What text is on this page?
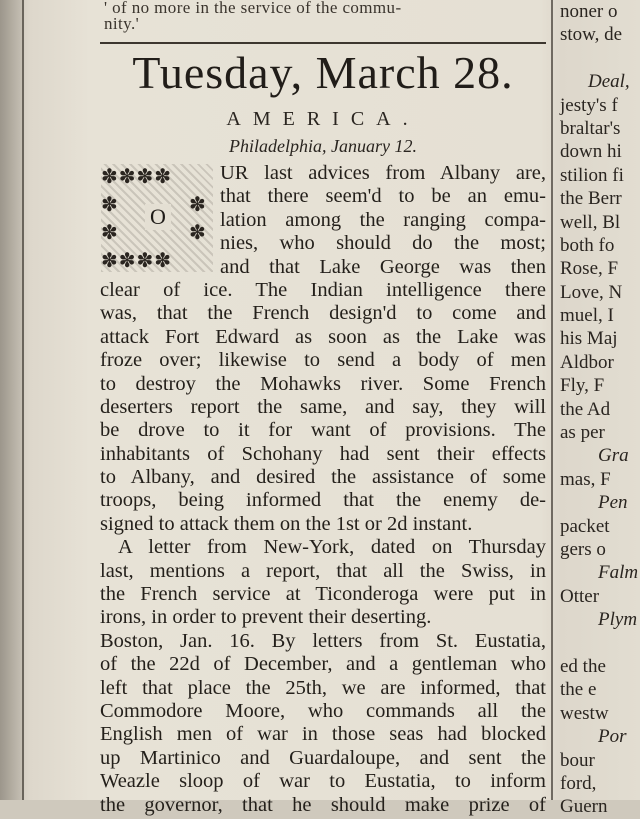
' of no more in the service of the commu-
nity.'
Tuesday, March 28.
AMERICA.
Philadelphia, January 12.
✽✽✽✽
✽✽✽✽
✽
✽
✽
✽
O
UR last advices from Albany are,
that there seem'd to be an emu-
lation among the ranging compa-
nies, who should do the most;
and that Lake George was then
clear of ice. The Indian intelligence there
was, that the French design'd to come and
attack Fort Edward as soon as the Lake was
froze over; likewise to send a body of men
to destroy the Mohawks river. Some French
deserters report the same, and say, they will
be drove to it for want of provisions. The
inhabitants of Schohany had sent their effects
to Albany, and desired the assistance of some
troops, being informed that the enemy de-
signed to attack them on the 1st or 2d instant.
A letter from New-York, dated on Thursday
last, mentions a report, that all the Swiss, in
the French service at Ticonderoga were put in
irons, in order to prevent their deserting.
Boston, Jan. 16. By letters from St. Eustatia,
of the 22d of December, and a gentleman who
left that place the 25th, we are informed, that
Commodore Moore, who commands all the
English men of war in those seas had blocked
up Martinico and Guardaloupe, and sent the
Weazle sloop of war to Eustatia, to inform
the governor, that he should make prize of
noner o
stow, de
Deal,
jesty's f
braltar's
down hi
stilion fi
the Berr
well, Bl
both fo
Rose, F
Love, N
muel, I
his Maj
Aldbor
Fly, F
the Ad
as per
Gra
mas, F
Pen
packet
gers o
Falm
Otter
Plym
ed the
the e
westw
Por
bour
ford,
Guern
